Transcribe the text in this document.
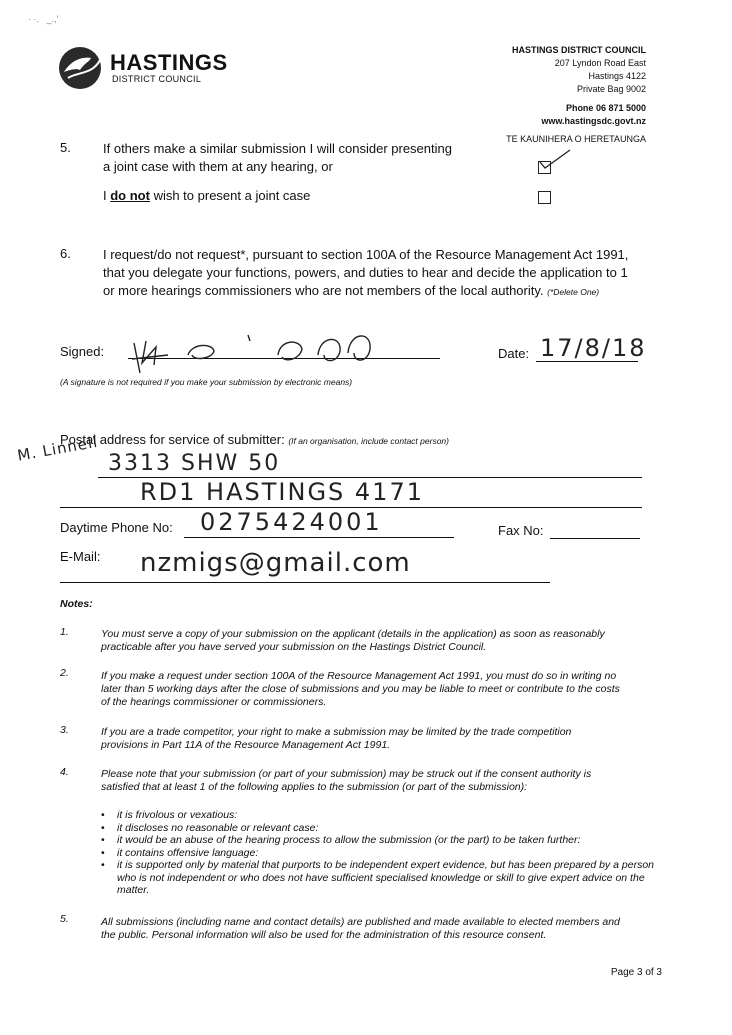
· ·.   _.,'
HASTINGS
DISTRICT COUNCIL
HASTINGS DISTRICT COUNCIL
207 Lyndon Road East
Hastings 4122
Private Bag 9002
Phone 06 871 5000
www.hastingsdc.govt.nz
TE KAUNIHERA O HERETAUNGA
5. If others make a similar submission I will consider presenting
a joint case with them at any hearing, or
I do not wish to present a joint case
6. I request/do not request*, pursuant to section 100A of the Resource Management Act 1991,
that you delegate your functions, powers, and duties to hear and decide the application to 1
or more hearings commissioners who are not members of the local authority. (*Delete One)
Signed:
(A signature is not required if you make your submission by electronic means)
Date: 17/8/18
Postal address for service of submitter: (If an organisation, include contact person)
M. Linnell 3313 SHW 50
RD1 HASTINGS 4171
Daytime Phone No: 0275424001	Fax No:
E-Mail: nzmigs@gmail.com
Notes:
1.	You must serve a copy of your submission on the applicant (details in the application) as soon as reasonably
practicable after you have served your submission on the Hastings District Council.
2.	If you make a request under section 100A of the Resource Management Act 1991, you must do so in writing no
later than 5 working days after the close of submissions and you may be liable to meet or contribute to the costs
of the hearings commissioner or commissioners.
3.	If you are a trade competitor, your right to make a submission may be limited by the trade competition
provisions in Part 11A of the Resource Management Act 1991.
4.	Please note that your submission (or part of your submission) may be struck out if the consent authority is
satisfied that at least 1 of the following applies to the submission (or part of the submission):
• it is frivolous or vexatious:
• it discloses no reasonable or relevant case:
• it would be an abuse of the hearing process to allow the submission (or the part) to be taken further:
• it contains offensive language:
• it is supported only by material that purports to be independent expert evidence, but has been prepared by a person who is not independent or who does not have sufficient specialised knowledge or skill to give expert advice on the matter.
5.	All submissions (including name and contact details) are published and made available to elected members and
the public. Personal information will also be used for the administration of this resource consent.
Page 3 of 3
